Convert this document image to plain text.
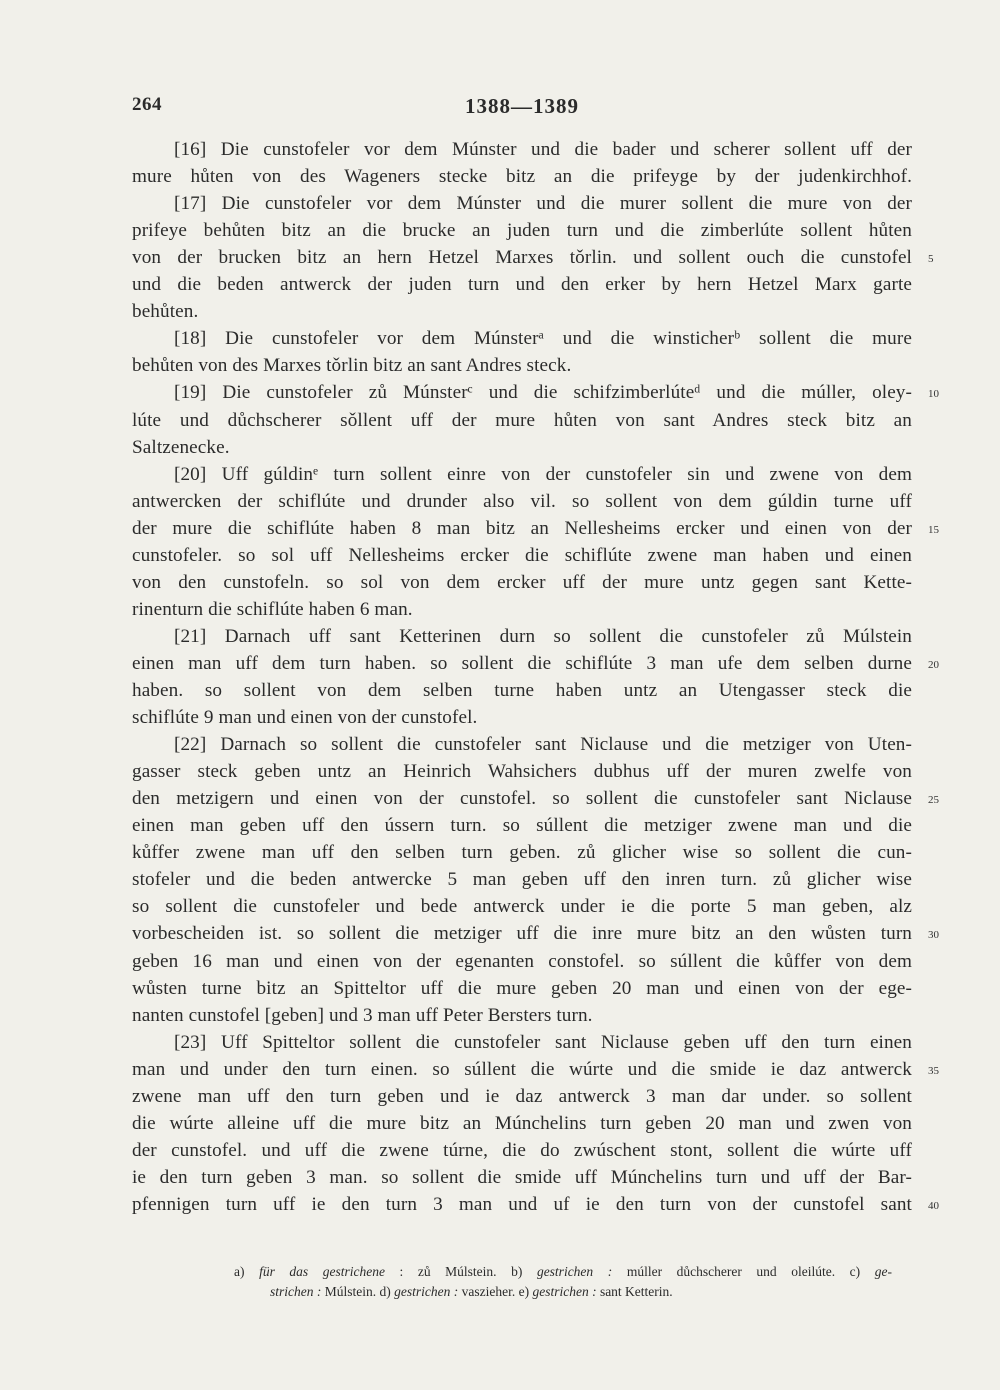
264	1388—1389
[16] Die cunstofeler vor dem Múnster und die bader und scherer sollent uff der
mure hůten von des Wageners stecke bitz an die prifeyge by der judenkirchhof.
[17] Die cunstofeler vor dem Múnster und die murer sollent die mure von der
prifeye behůten bitz an die brucke an juden turn und die zimberlúte sollent hůten
von der brucken bitz an hern Hetzel Marxes tǒrlin. und sollent ouch die cunstofel
und die beden antwerck der juden turn und den erker by hern Hetzel Marx garte
behůten.
[18] Die cunstofeler vor dem Múnsterᵃ und die winsticherᵇ sollent die mure
behůten von des Marxes tǒrlin bitz an sant Andres steck.
[19] Die cunstofeler zů Múnsterᶜ und die schifzimberlúteᵈ und die múller, oley-
lúte und důchscherer sǒllent uff der mure hůten von sant Andres steck bitz an
Saltzenecke.
[20] Uff gúldinᵉ turn sollent einre von der cunstofeler sin und zwene von dem
antwercken der schiflúte und drunder also vil. so sollent von dem gúldin turne uff
der mure die schiflúte haben 8 man bitz an Nellesheims ercker und einen von der
cunstofeler. so sol uff Nellesheims ercker die schiflúte zwene man haben und einen
von den cunstofeln. so sol von dem ercker uff der mure untz gegen sant Kette-
rinenturn die schiflúte haben 6 man.
[21] Darnach uff sant Ketterinen durn so sollent die cunstofeler zů Múlstein
einen man uff dem turn haben. so sollent die schiflúte 3 man ufe dem selben durne
haben. so sollent von dem selben turne haben untz an Utengasser steck die
schiflúte 9 man und einen von der cunstofel.
[22] Darnach so sollent die cunstofeler sant Niclause und die metziger von Uten-
gasser steck geben untz an Heinrich Wahsichers dubhus uff der muren zwelfe von
den metzigern und einen von der cunstofel. so sollent die cunstofeler sant Niclause
einen man geben uff den ússern turn. so súllent die metziger zwene man und die
kůffer zwene man uff den selben turn geben. zů glicher wise so sollent die cun-
stofeler und die beden antwercke 5 man geben uff den inren turn. zů glicher wise
so sollent die cunstofeler und bede antwerck under ie die porte 5 man geben, alz
vorbescheiden ist. so sollent die metziger uff die inre mure bitz an den wůsten turn
geben 16 man und einen von der egenanten constofel. so súllent die kůffer von dem
wůsten turne bitz an Spitteltor uff die mure geben 20 man und einen von der ege-
nanten cunstofel [geben] und 3 man uff Peter Bersters turn.
[23] Uff Spitteltor sollent die cunstofeler sant Niclause geben uff den turn einen
man und under den turn einen. so súllent die wúrte und die smide ie daz antwerck
zwene man uff den turn geben und ie daz antwerck 3 man dar under. so sollent
die wúrte alleine uff die mure bitz an Múnchelins turn geben 20 man und zwen von
der cunstofel. und uff die zwene túrne, die do zwúschent stont, sollent die wúrte uff
ie den turn geben 3 man. so sollent die smide uff Múnchelins turn und uff der Bar-
pfennigen turn uff ie den turn 3 man und uf ie den turn von der cunstofel sant
5
10
15
20
25
30
35
40
a) für das gestrichene : zů Múlstein. b) gestrichen : múller důchscherer und oleilúte. c) ge-
strichen : Múlstein. d) gestrichen : vaszieher. e) gestrichen : sant Ketterin.
